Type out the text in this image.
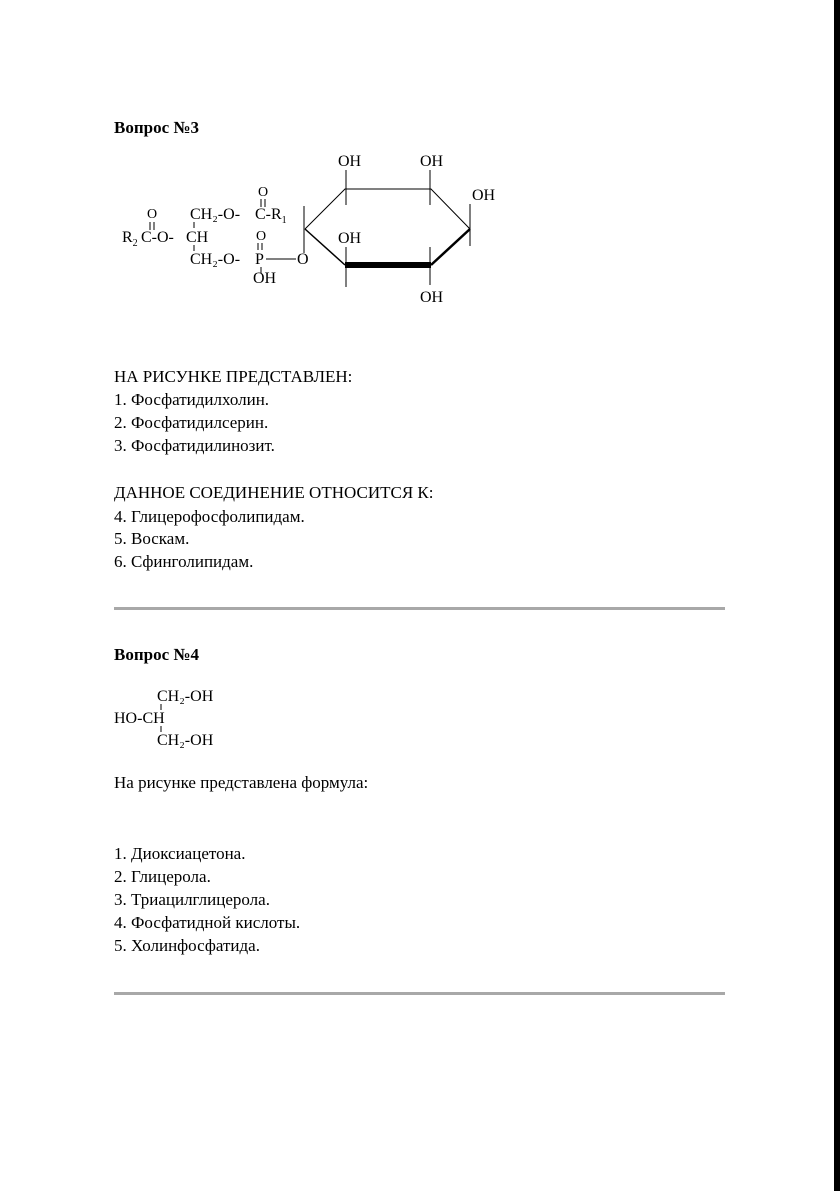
Вопрос №3
$R_2$ C-O-
O CH₂-O-
CH
CH₂-O-
$C-R_1$
O
P
O
OH
O
OH	OH
OH
OH
OH
НА РИСУНКЕ ПРЕДСТАВЛЕН:
1. Фосфатидилхолин.
2. Фосфатидилсерин.
3. Фосфатидилинозит.
ДАННОЕ СОЕДИНЕНИЕ ОТНОСИТСЯ К:
4. Глицерофосфолипидам.
5. Воскам.
6. Сфинголипидам.
Вопрос №4
CH₂-OH
HO-CH
CH₂-OH
На рисунке представлена формула:
1. Диоксиацетона.
2. Глицерола.
3. Триацилглицерола.
4. Фосфатидной кислоты.
5. Холинфосфатида.
